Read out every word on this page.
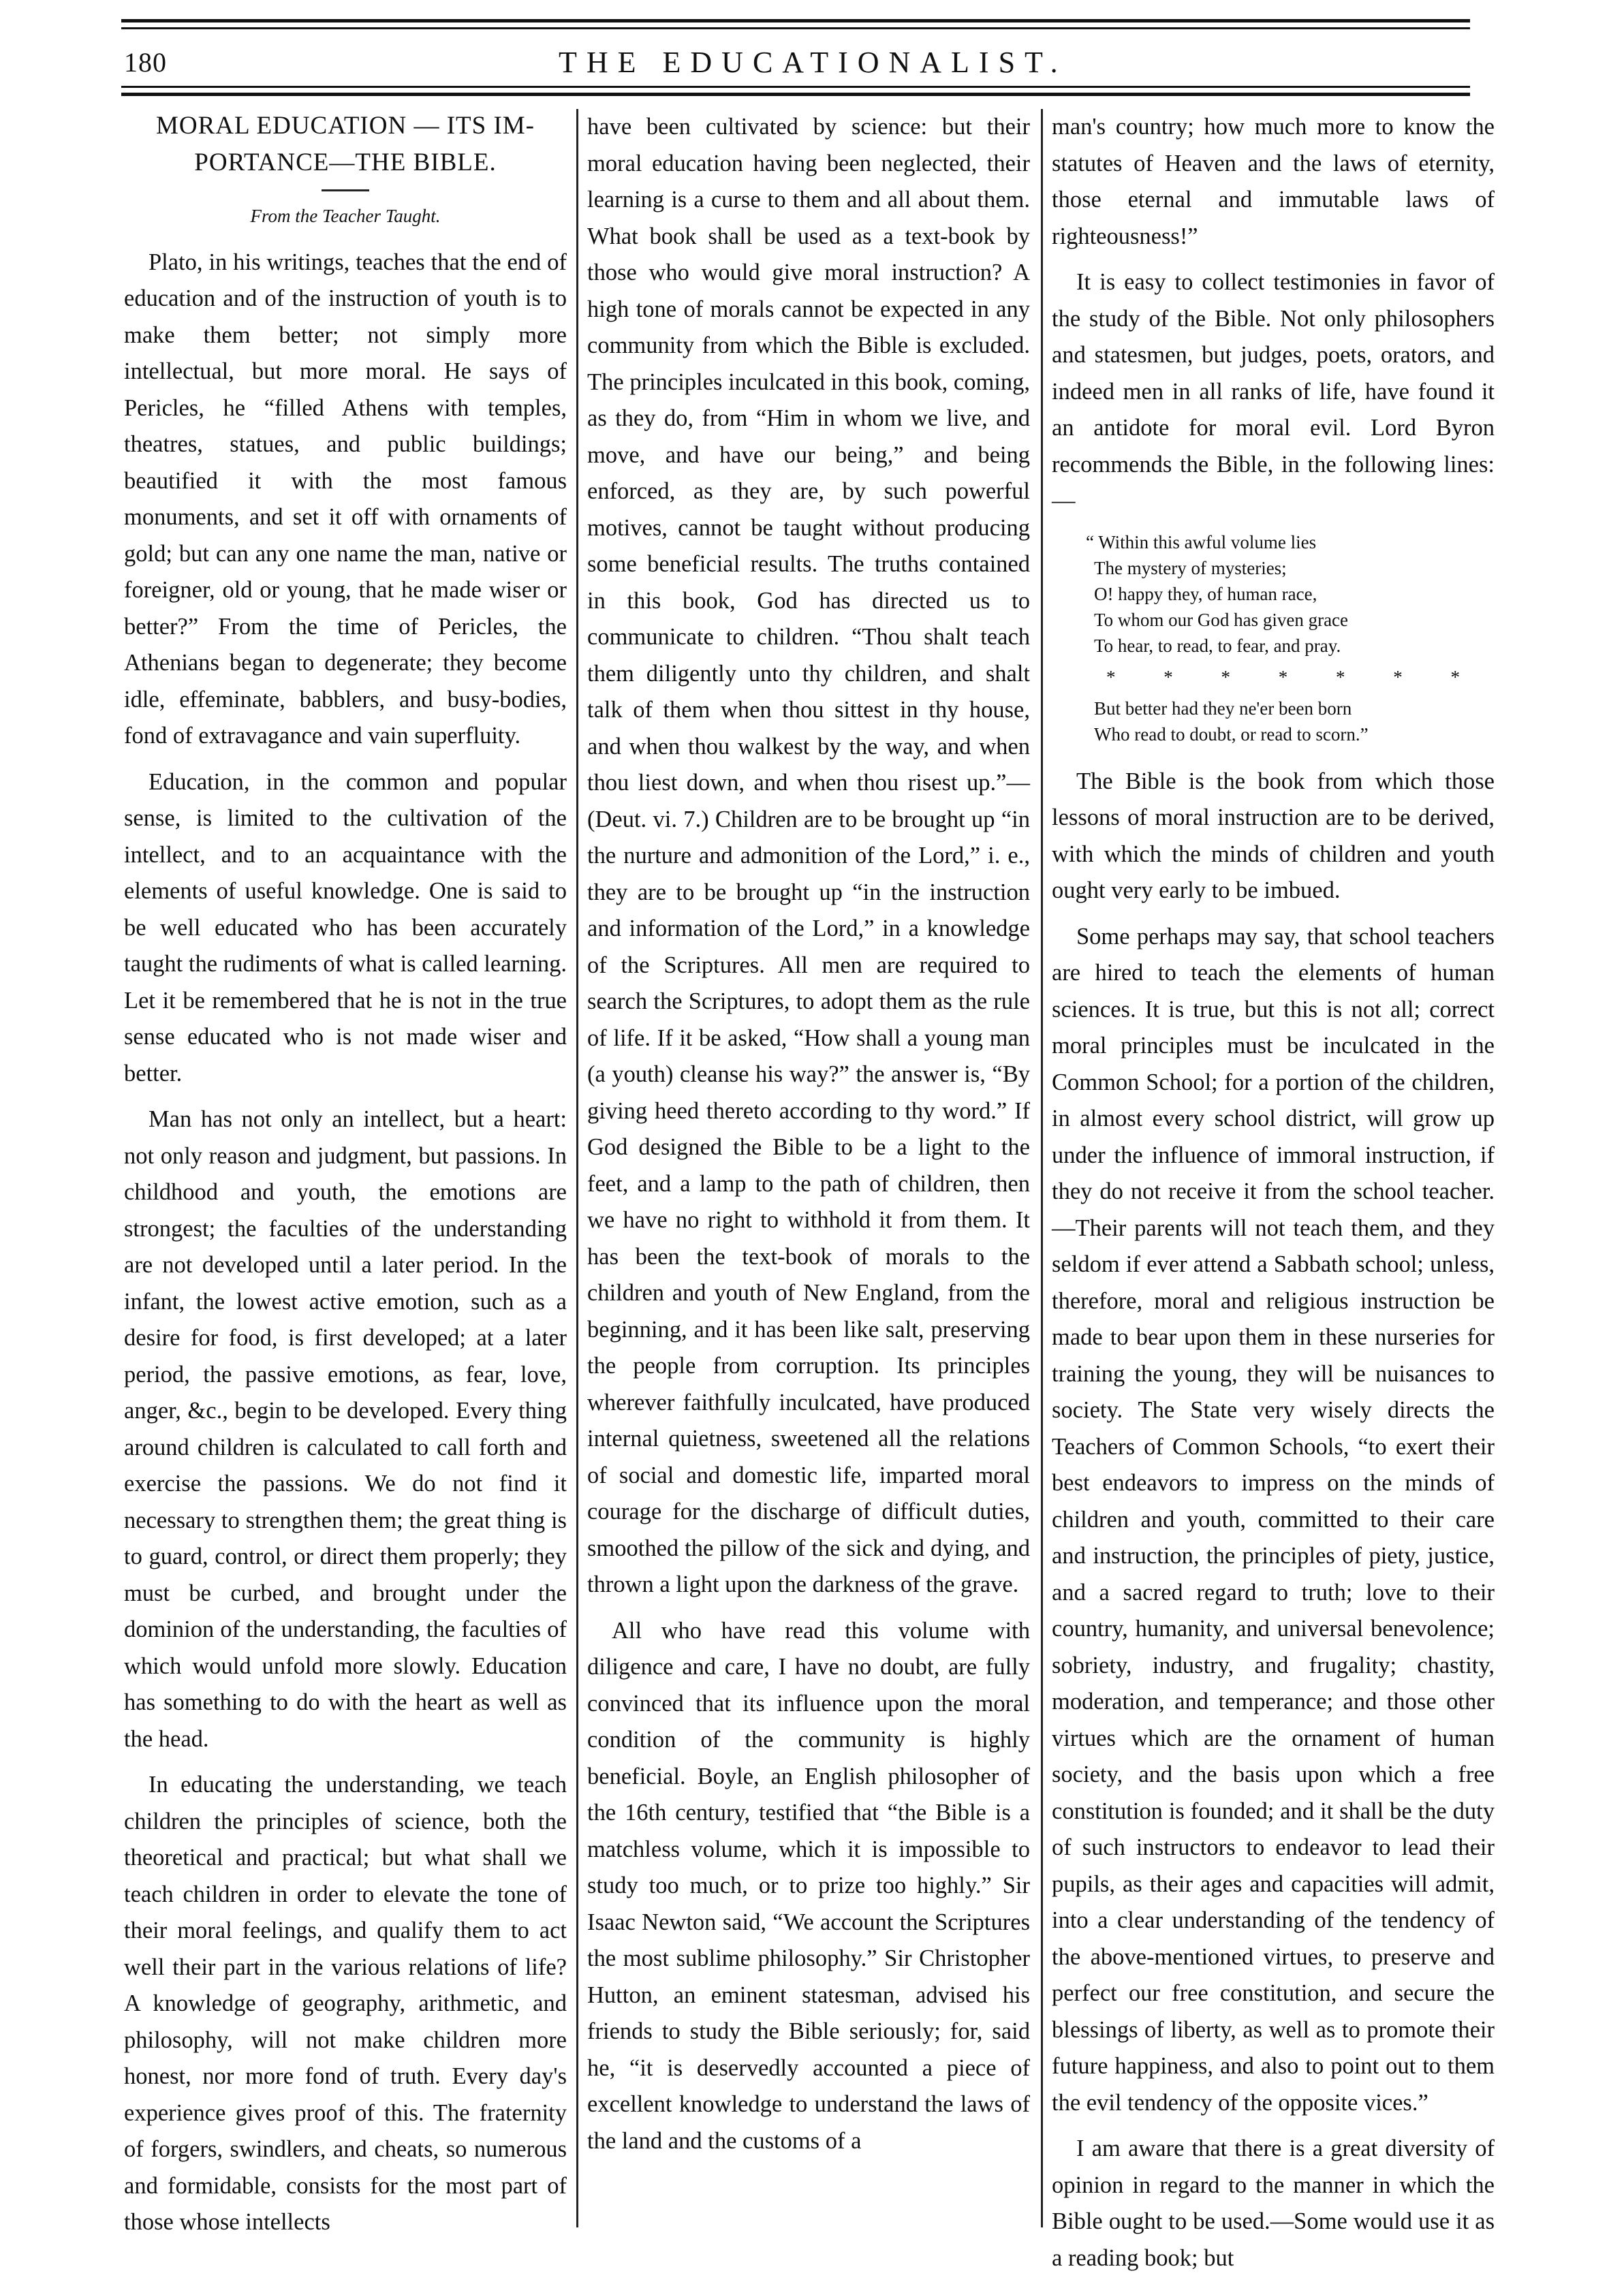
180	THE EDUCATIONALIST.

MORAL EDUCATION — ITS IM-

PORTANCE—THE BIBLE.

From the Teacher Taught.

Plato, in his writings, teaches that the end of education and of the instruction of youth is to make them better; not simply more intellectual, but more moral. He says of Pericles, he “filled Athens with temples, theatres, statues, and public buildings; beautified it with the most famous monuments, and set it off with ornaments of gold; but can any one name the man, native or foreigner, old or young, that he made wiser or better?” From the time of Pericles, the Athenians began to degenerate; they become idle, effeminate, babblers, and busy-bodies, fond of extravagance and vain superfluity.

Education, in the common and popular sense, is limited to the cultivation of the intellect, and to an acquaintance with the elements of useful knowledge. One is said to be well educated who has been accurately taught the rudiments of what is called learning. Let it be remembered that he is not in the true sense educated who is not made wiser and better.

Man has not only an intellect, but a heart: not only reason and judgment, but passions. In childhood and youth, the emotions are strongest; the faculties of the understanding are not developed until a later period. In the infant, the lowest active emotion, such as a desire for food, is first developed; at a later period, the passive emotions, as fear, love, anger, &c., begin to be developed. Every thing around children is calculated to call forth and exercise the passions. We do not find it necessary to strengthen them; the great thing is to guard, control, or direct them properly; they must be curbed, and brought under the dominion of the understanding, the faculties of which would unfold more slowly. Education has something to do with the heart as well as the head.

In educating the understanding, we teach children the principles of science, both the theoretical and practical; but what shall we teach children in order to elevate the tone of their moral feelings, and qualify them to act well their part in the various relations of life? A knowledge of geography, arithmetic, and philosophy, will not make children more honest, nor more fond of truth. Every day's experience gives proof of this. The fraternity of forgers, swindlers, and cheats, so numerous and formidable, consists for the most part of those whose intellects

have been cultivated by science: but their moral education having been neglected, their learning is a curse to them and all about them. What book shall be used as a text-book by those who would give moral instruction? A high tone of morals cannot be expected in any community from which the Bible is excluded. The principles inculcated in this book, coming, as they do, from “Him in whom we live, and move, and have our being,” and being enforced, as they are, by such powerful motives, cannot be taught without producing some beneficial results. The truths contained in this book, God has directed us to communicate to children. “Thou shalt teach them diligently unto thy children, and shalt talk of them when thou sittest in thy house, and when thou walkest by the way, and when thou liest down, and when thou risest up.”—(Deut. vi. 7.) Children are to be brought up “in the nurture and admonition of the Lord,” i. e., they are to be brought up “in the instruction and information of the Lord,” in a knowledge of the Scriptures. All men are required to search the Scriptures, to adopt them as the rule of life. If it be asked, “How shall a young man (a youth) cleanse his way?” the answer is, “By giving heed thereto according to thy word.” If God designed the Bible to be a light to the feet, and a lamp to the path of children, then we have no right to withhold it from them. It has been the text-book of morals to the children and youth of New England, from the beginning, and it has been like salt, preserving the people from corruption. Its principles wherever faithfully inculcated, have produced internal quietness, sweetened all the relations of social and domestic life, imparted moral courage for the discharge of difficult duties, smoothed the pillow of the sick and dying, and thrown a light upon the darkness of the grave.

All who have read this volume with diligence and care, I have no doubt, are fully convinced that its influence upon the moral condition of the community is highly beneficial. Boyle, an English philosopher of the 16th century, testified that “the Bible is a matchless volume, which it is impossible to study too much, or to prize too highly.” Sir Isaac Newton said, “We account the Scriptures the most sublime philosophy.” Sir Christopher Hutton, an eminent statesman, advised his friends to study the Bible seriously; for, said he, “it is deservedly accounted a piece of excellent knowledge to understand the laws of the land and the customs of a

man's country; how much more to know the statutes of Heaven and the laws of eternity, those eternal and immutable laws of righteousness!”

It is easy to collect testimonies in favor of the study of the Bible. Not only philosophers and statesmen, but judges, poets, orators, and indeed men in all ranks of life, have found it an antidote for moral evil. Lord Byron recommends the Bible, in the following lines:—

“ Within this awful volume lies
The mystery of mysteries;
O! happy they, of human race,
To whom our God has given grace
To hear, to read, to fear, and pray.
* * * * * * *
But better had they ne'er been born
Who read to doubt, or read to scorn.”

The Bible is the book from which those lessons of moral instruction are to be derived, with which the minds of children and youth ought very early to be imbued.

Some perhaps may say, that school teachers are hired to teach the elements of human sciences. It is true, but this is not all; correct moral principles must be inculcated in the Common School; for a portion of the children, in almost every school district, will grow up under the influence of immoral instruction, if they do not receive it from the school teacher.—Their parents will not teach them, and they seldom if ever attend a Sabbath school; unless, therefore, moral and religious instruction be made to bear upon them in these nurseries for training the young, they will be nuisances to society. The State very wisely directs the Teachers of Common Schools, “to exert their best endeavors to impress on the minds of children and youth, committed to their care and instruction, the principles of piety, justice, and a sacred regard to truth; love to their country, humanity, and universal benevolence; sobriety, industry, and frugality; chastity, moderation, and temperance; and those other virtues which are the ornament of human society, and the basis upon which a free constitution is founded; and it shall be the duty of such instructors to endeavor to lead their pupils, as their ages and capacities will admit, into a clear understanding of the tendency of the above-mentioned virtues, to preserve and perfect our free constitution, and secure the blessings of liberty, as well as to promote their future happiness, and also to point out to them the evil tendency of the opposite vices.”

I am aware that there is a great diversity of opinion in regard to the manner in which the Bible ought to be used.—Some would use it as a reading book; but
